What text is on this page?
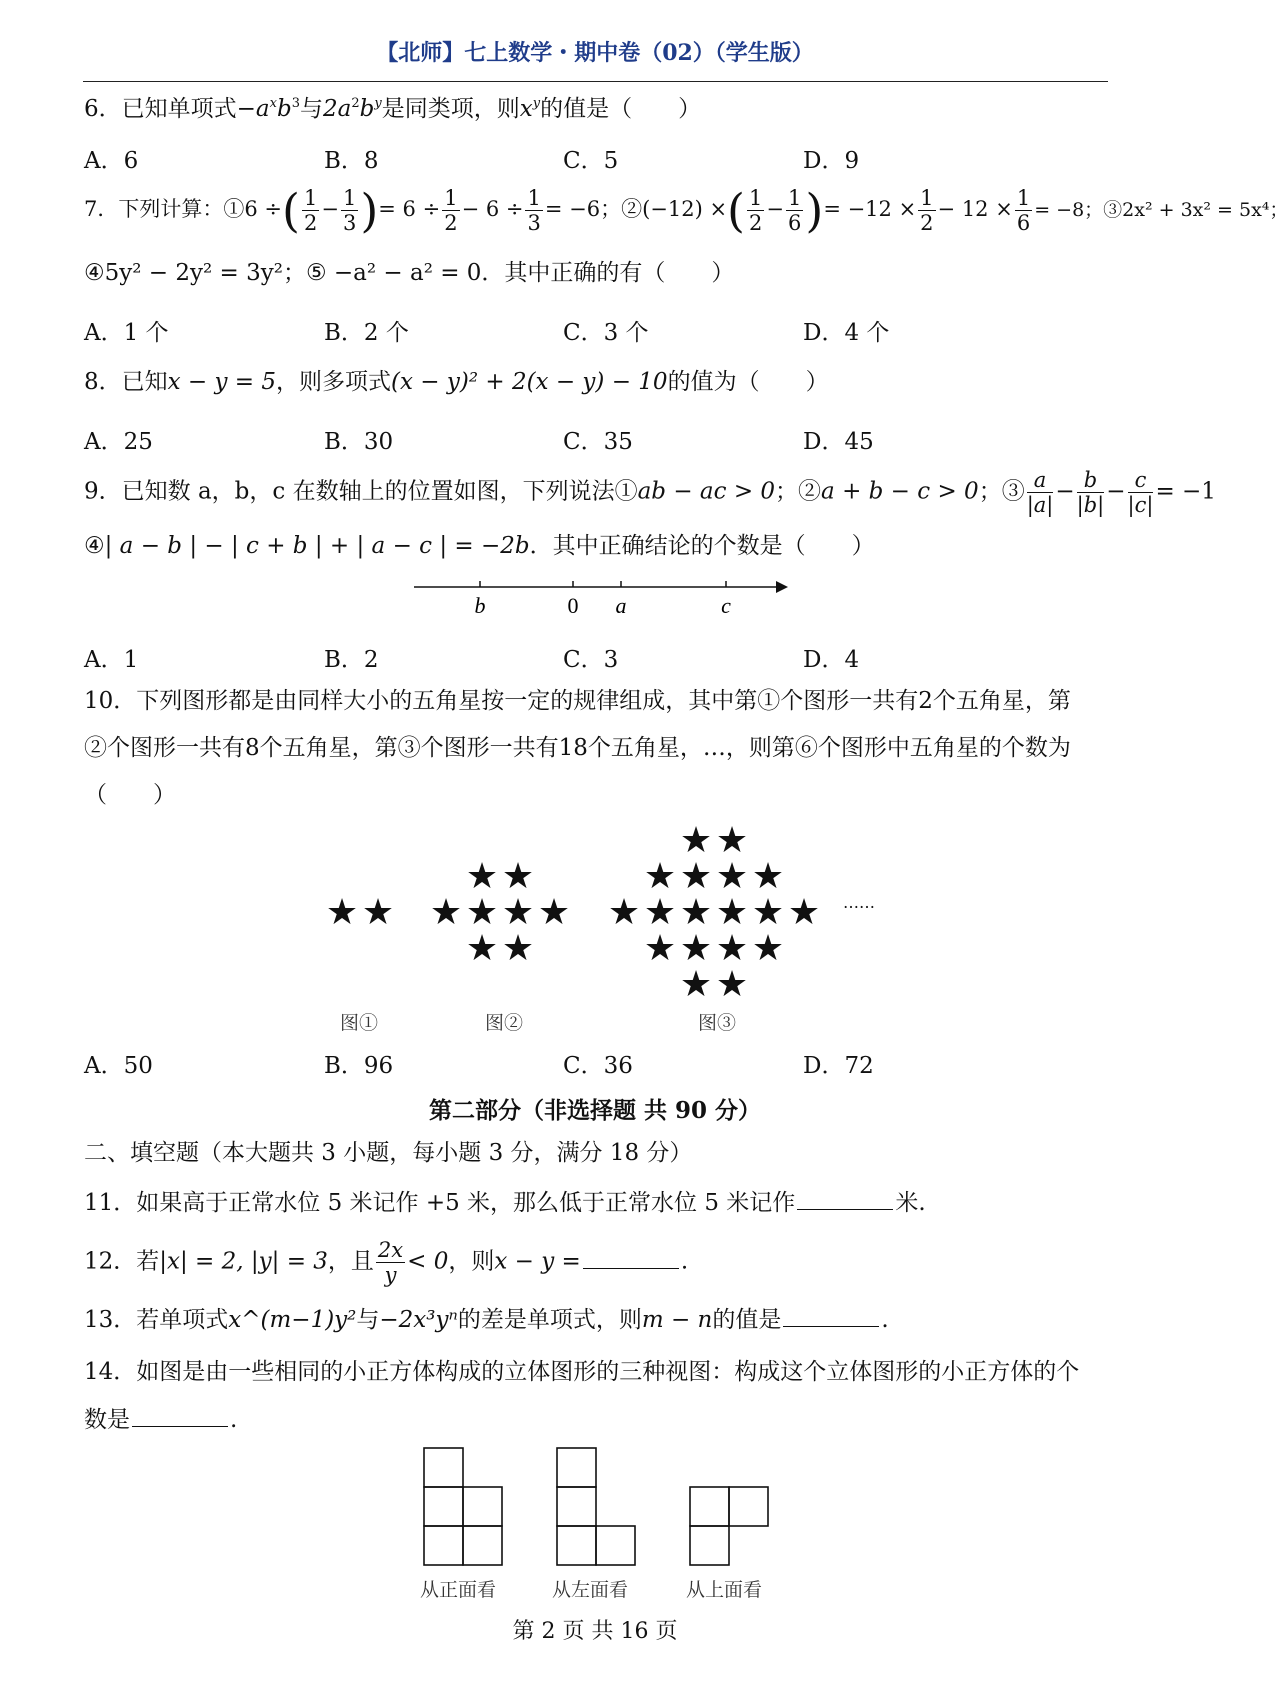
【北师】七上数学・期中卷（02）（学生版）
6．已知单项式$-a^xb^3$与$2a^2b^y$是同类项，则$x^y$的值是（　　）
A．6	B．8	C．5	D．9
7．下列计算：①6 ÷( $\frac{1}{2} - \frac{1}{3}$ )= $6 \div \frac{1}{2} - 6 \div \frac{1}{3} = -6$；②(−12) ×( $\frac{1}{2} - \frac{1}{6}$ )= $-12 \times \frac{1}{2} - 12 \times \frac{1}{6} = -8$；③2x² + 3x² = 5x⁴；
④5y² − 2y² = 3y²；⑤ −a² − a² = 0．其中正确的有（　　）
A．1 个	B．2 个	C．3 个	D．4 个
8．已知x − y = 5，则多项式(x − y)² + 2(x − y) − 10的值为（　　）
A．25	B．30	C．35	D．45
9．已知数 a，b，c 在数轴上的位置如图，下列说法①ab − ac > 0；②a + b − c > 0；③ $\frac{a}{|a|} - \frac{b}{|b|} - \frac{c}{|c|} = -1$
④| a − b | − | c + b | + | a − c | = −2b．其中正确结论的个数是（　　）
b	0 a	c
A．1	B．2	C．3	D．4
10．下列图形都是由同样大小的五角星按一定的规律组成，其中第①个图形一共有2个五角星，第
②个图形一共有8个五角星，第③个图形一共有18个五角星，…，则第⑥个图形中五角星的个数为
（　　）
★ ★
★ ★
★ ★ ★ ★
★ ★
★ ★
★ ★ ★ ★
★ ★ ★ ★ ★ ★
★ ★ ★ ★
★ ★
……
图①	图②	图③
A．50	B．96	C．36	D．72
第二部分（非选择题 共 90 分）
二、填空题（本大题共 3 小题，每小题 3 分，满分 18 分）
11．如果高于正常水位 5 米记作 +5 米，那么低于正常水位 5 米记作	米.
12．若|x| = 2, |y| = 3，且 $\frac{2x}{y} < 0$，则x − y =	.
13．若单项式x^(m−1)y²与−2x³yⁿ的差是单项式，则m − n的值是	.
14．如图是由一些相同的小正方体构成的立体图形的三种视图：构成这个立体图形的小正方体的个
数是	.
从正面看	从左面看	从上面看
第 2 页 共 16 页
